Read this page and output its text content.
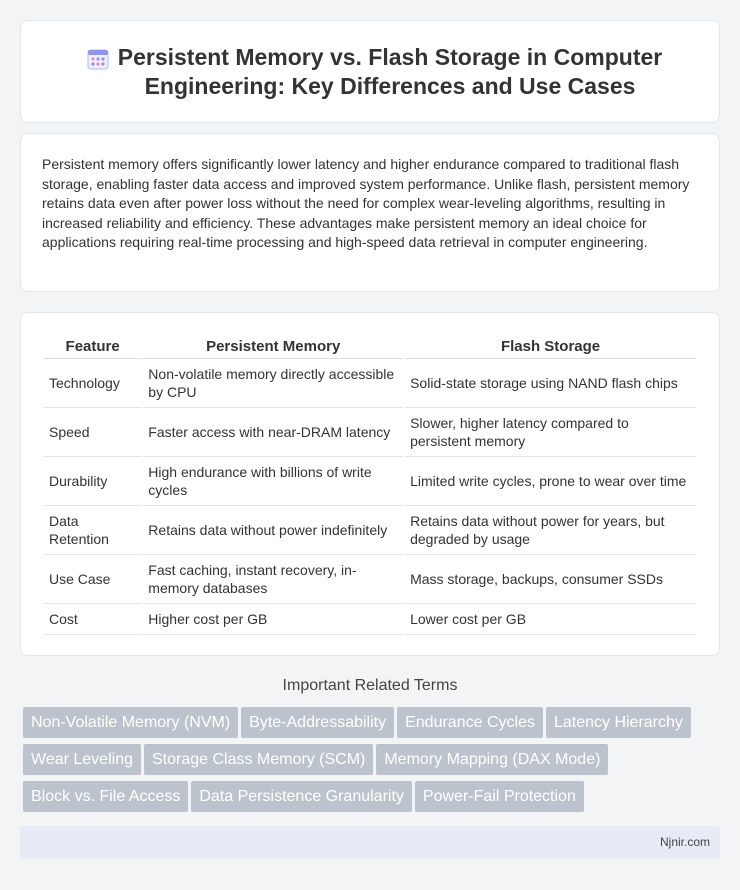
Persistent Memory vs. Flash Storage in Computer Engineering: Key Differences and Use Cases

Persistent memory offers significantly lower latency and higher endurance compared to traditional flash storage, enabling faster data access and improved system performance. Unlike flash, persistent memory retains data even after power loss without the need for complex wear-leveling algorithms, resulting in increased reliability and efficiency. These advantages make persistent memory an ideal choice for applications requiring real-time processing and high-speed data retrieval in computer engineering.

Feature	Persistent Memory	Flash Storage
Technology	Non-volatile memory directly accessible by CPU	Solid-state storage using NAND flash chips
Speed	Faster access with near-DRAM latency	Slower, higher latency compared to persistent memory
Durability	High endurance with billions of write cycles	Limited write cycles, prone to wear over time
Data Retention	Retains data without power indefinitely	Retains data without power for years, but degraded by usage
Use Case	Fast caching, instant recovery, in-memory databases	Mass storage, backups, consumer SSDs
Cost	Higher cost per GB	Lower cost per GB
Important Related Terms
Non-Volatile Memory (NVM) Byte-Addressability Endurance Cycles Latency Hierarchy
Wear Leveling Storage Class Memory (SCM) Memory Mapping (DAX Mode)
Block vs. File Access Data Persistence Granularity Power-Fail Protection
Njnir.com
